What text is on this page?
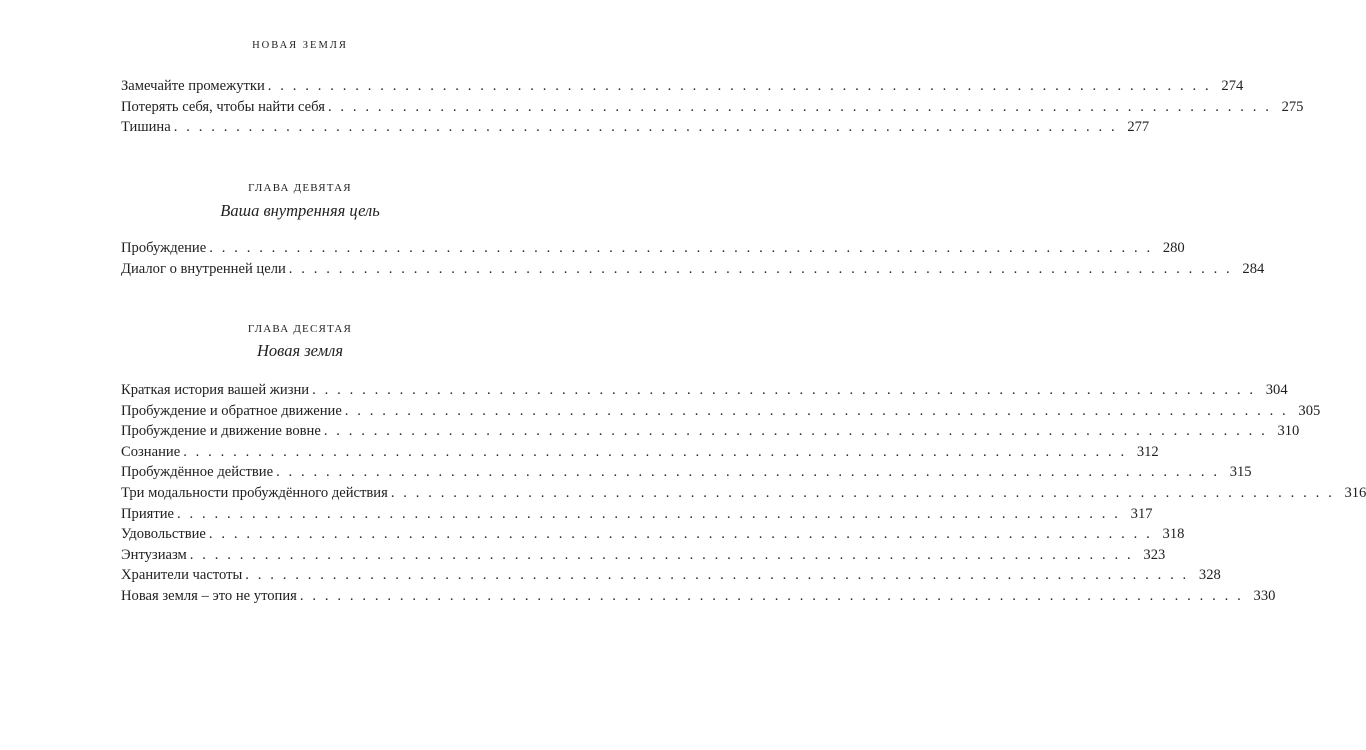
НОВАЯ ЗЕМЛЯ
Замечайте промежутки . . . . . . . . . . . . . . . . . . . . . . . . . . . . . . . . . . . . . . . . . . . . . . . . . . . . . . . . . . . . . . . . . . . . . . . . . . . . 274
Потерять себя, чтобы найти себя . . . . . . . . . . . . . . . . . . . . . . . . . . . . . . . . . . . . . . . . . . . . . . . . . . . . . . . . . . . . . . . . . . . . . . . . . . . . 275
Тишина . . . . . . . . . . . . . . . . . . . . . . . . . . . . . . . . . . . . . . . . . . . . . . . . . . . . . . . . . . . . . . . . . . . . . . . . . . . . 277
ГЛАВА ДЕВЯТАЯ
Ваша внутренняя цель
Пробуждение . . . . . . . . . . . . . . . . . . . . . . . . . . . . . . . . . . . . . . . . . . . . . . . . . . . . . . . . . . . . . . . . . . . . . . . . . . . . 280
Диалог о внутренней цели . . . . . . . . . . . . . . . . . . . . . . . . . . . . . . . . . . . . . . . . . . . . . . . . . . . . . . . . . . . . . . . . . . . . . . . . . . . . 284
ГЛАВА ДЕСЯТАЯ
Новая земля
Краткая история вашей жизни . . . . . . . . . . . . . . . . . . . . . . . . . . . . . . . . . . . . . . . . . . . . . . . . . . . . . . . . . . . . . . . . . . . . . . . . . . . . 304
Пробуждение и обратное движение . . . . . . . . . . . . . . . . . . . . . . . . . . . . . . . . . . . . . . . . . . . . . . . . . . . . . . . . . . . . . . . . . . . . . . . . . . . . 305
Пробуждение и движение вовне . . . . . . . . . . . . . . . . . . . . . . . . . . . . . . . . . . . . . . . . . . . . . . . . . . . . . . . . . . . . . . . . . . . . . . . . . . . . 310
Сознание . . . . . . . . . . . . . . . . . . . . . . . . . . . . . . . . . . . . . . . . . . . . . . . . . . . . . . . . . . . . . . . . . . . . . . . . . . . . 312
Пробуждённое действие . . . . . . . . . . . . . . . . . . . . . . . . . . . . . . . . . . . . . . . . . . . . . . . . . . . . . . . . . . . . . . . . . . . . . . . . . . . . 315
Три модальности пробуждённого действия . . . . . . . . . . . . . . . . . . . . . . . . . . . . . . . . . . . . . . . . . . . . . . . . . . . . . . . . . . . . . . . . . . . . . . . . . . . . 316
Приятие . . . . . . . . . . . . . . . . . . . . . . . . . . . . . . . . . . . . . . . . . . . . . . . . . . . . . . . . . . . . . . . . . . . . . . . . . . . . 317
Удовольствие . . . . . . . . . . . . . . . . . . . . . . . . . . . . . . . . . . . . . . . . . . . . . . . . . . . . . . . . . . . . . . . . . . . . . . . . . . . . 318
Энтузиазм . . . . . . . . . . . . . . . . . . . . . . . . . . . . . . . . . . . . . . . . . . . . . . . . . . . . . . . . . . . . . . . . . . . . . . . . . . . . 323
Хранители частоты . . . . . . . . . . . . . . . . . . . . . . . . . . . . . . . . . . . . . . . . . . . . . . . . . . . . . . . . . . . . . . . . . . . . . . . . . . . . 328
Новая земля – это не утопия . . . . . . . . . . . . . . . . . . . . . . . . . . . . . . . . . . . . . . . . . . . . . . . . . . . . . . . . . . . . . . . . . . . . . . . . . . . . 330
